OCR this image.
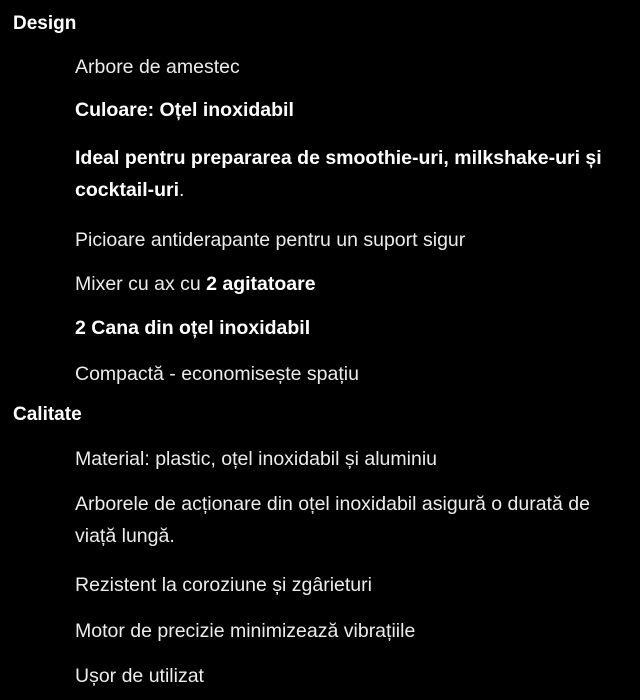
Design

Arbore de amestec

Culoare: Oțel inoxidabil

Ideal pentru prepararea de smoothie-uri, milkshake-uri și cocktail-uri.

Picioare antiderapante pentru un suport sigur

Mixer cu ax cu 2 agitatoare

2 Cana din oțel inoxidabil

Compactă - economisește spațiu

Calitate

Material: plastic, oțel inoxidabil și aluminiu

Arborele de acționare din oțel inoxidabil asigură o durată de viață lungă.

Rezistent la coroziune și zgârieturi

Motor de precizie minimizează vibrațiile

Ușor de utilizat
